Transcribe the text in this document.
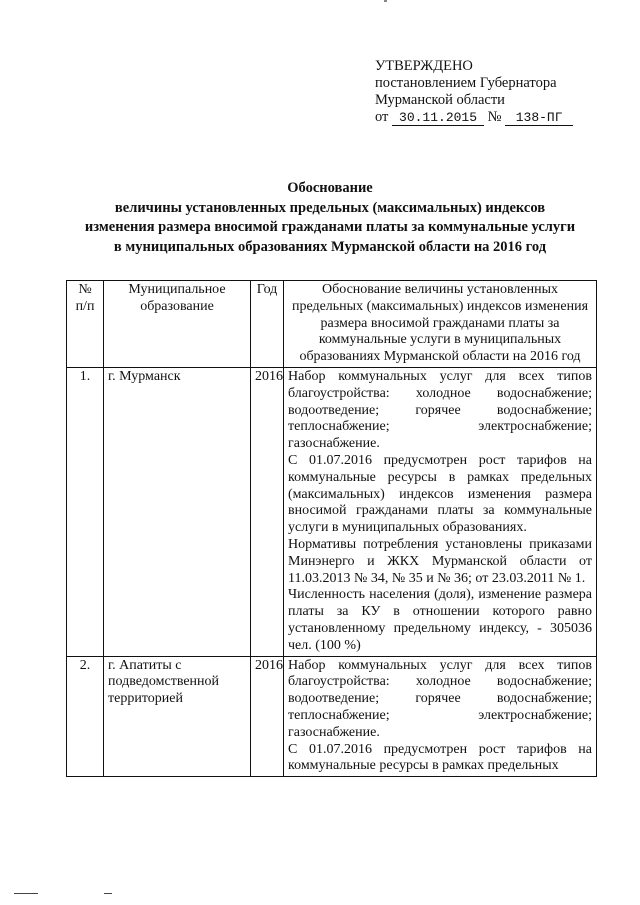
УТВЕРЖДЕНО
постановлением Губернатора
Мурманской области
от 30.11.2015 № 138-ПГ
Обоснование
величины установленных предельных (максимальных) индексов
изменения размера вносимой гражданами платы за коммунальные услуги
в муниципальных образованиях Мурманской области на 2016 год
№ п/п	Муниципальное образование	Год	Обоснование величины установленных предельных (максимальных) индексов изменения размера вносимой гражданами платы за коммунальные услуги в муниципальных образованиях Мурманской области на 2016 год
1.	г. Мурманск	2016	Набор коммунальных услуг для всех типов благоустройства: холодное водоснабжение; водоотведение; горячее водоснабжение; теплоснабжение; электроснабжение; газоснабжение.
С 01.07.2016 предусмотрен рост тарифов на коммунальные ресурсы в рамках предельных (максимальных) индексов изменения размера вносимой гражданами платы за коммунальные услуги в муниципальных образованиях.
Нормативы потребления установлены приказами Минэнерго и ЖКХ Мурманской области от 11.03.2013 № 34, № 35 и № 36; от 23.03.2011 № 1.
Численность населения (доля), изменение размера платы за КУ в отношении которого равно установленному предельному индексу, - 305036 чел. (100 %)

2.	г. Апатиты с подведомственной территорией	2016	Набор коммунальных услуг для всех типов благоустройства: холодное водоснабжение; водоотведение; горячее водоснабжение; теплоснабжение; электроснабжение; газоснабжение.
С 01.07.2016 предусмотрен рост тарифов на коммунальные ресурсы в рамках предельных
